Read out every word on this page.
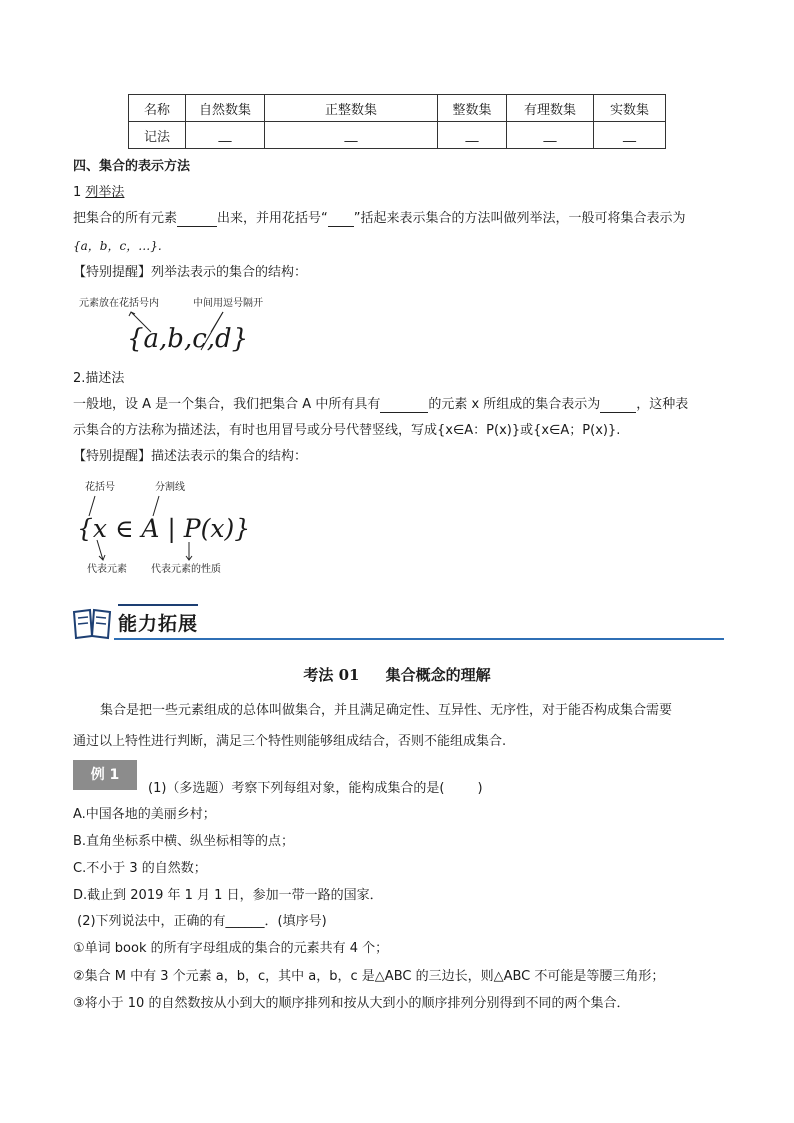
名称	自然数集	正整数集	整数集	有理数集	实数集
记法	__	__	__	__	__
四、集合的表示方法
1 列举法
把集合的所有元素	出来，并用花括号“ ”括起来表示集合的方法叫做列举法，一般可将集合表示为
{a，b，c，…}.
【特别提醒】列举法表示的集合的结构：
元素放在花括号内	中间用逗号隔开
{a,b,c,d}
2.描述法
一般地，设 A 是一个集合，我们把集合 A 中所有具有	的元素 x 所组成的集合表示为	，这种表
示集合的方法称为描述法，有时也用冒号或分号代替竖线，写成{x∈A：P(x)}或{x∈A；P(x)}.
【特别提醒】描述法表示的集合的结构：
花括号	分割线
{x ∈ A | P(x)}
代表元素 代表元素的性质
能力拓展
考法 01     集合概念的理解
集合是把一些元素组成的总体叫做集合，并且满足确定性、互异性、无序性，对于能否构成集合需要
通过以上特性进行判断，满足三个特性则能够组成结合，否则不能组成集合.
例 1
(1)（多选题）考察下列每组对象，能构成集合的是(        )
A.中国各地的美丽乡村；
B.直角坐标系中横、纵坐标相等的点；
C.不小于 3 的自然数；
D.截止到 2019 年 1 月 1 日，参加一带一路的国家．
(2)下列说法中，正确的有______．(填序号)
①单词 book 的所有字母组成的集合的元素共有 4 个；
②集合 M 中有 3 个元素 a，b，c，其中 a，b，c 是△ABC 的三边长，则△ABC 不可能是等腰三角形；
③将小于 10 的自然数按从小到大的顺序排列和按从大到小的顺序排列分别得到不同的两个集合．
